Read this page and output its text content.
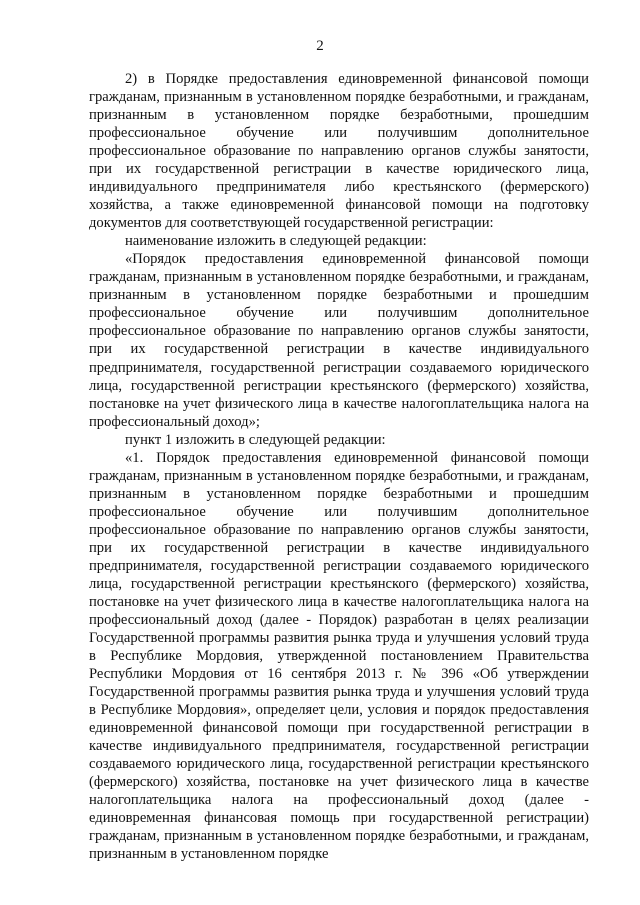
2

2) в Порядке предоставления единовременной финансовой помощи гражданам, признанным в установленном порядке безработными, и гражданам, признанным в установленном порядке безработными, прошедшим профессиональное обучение или получившим дополнительное профессиональное образование по направлению органов службы занятости, при их государственной регистрации в качестве юридического лица, индивидуального предпринимателя либо крестьянского (фермерского) хозяйства, а также единовременной финансовой помощи на подготовку документов для соответствующей государственной регистрации:

наименование изложить в следующей редакции:

«Порядок предоставления единовременной финансовой помощи гражданам, признанным в установленном порядке безработными, и гражданам, признанным в установленном порядке безработными и прошедшим профессиональное обучение или получившим дополнительное профессиональное образование по направлению органов службы занятости, при их государственной регистрации в качестве индивидуального предпринимателя, государственной регистрации создаваемого юридического лица, государственной регистрации крестьянского (фермерского) хозяйства, постановке на учет физического лица в качестве налогоплательщика налога на профессиональный доход»;

пункт 1 изложить в следующей редакции:

«1. Порядок предоставления единовременной финансовой помощи гражданам, признанным в установленном порядке безработными, и гражданам, признанным в установленном порядке безработными и прошедшим профессиональное обучение или получившим дополнительное профессиональное образование по направлению органов службы занятости, при их государственной регистрации в качестве индивидуального предпринимателя, государственной регистрации создаваемого юридического лица, государственной регистрации крестьянского (фермерского) хозяйства, постановке на учет физического лица в качестве налогоплательщика налога на профессиональный доход (далее - Порядок) разработан в целях реализации Государственной программы развития рынка труда и улучшения условий труда в Республике Мордовия, утвержденной постановлением Правительства Республики Мордовия от 16 сентября 2013 г. № 396 «Об утверждении Государственной программы развития рынка труда и улучшения условий труда в Республике Мордовия», определяет цели, условия и порядок предоставления единовременной финансовой помощи при государственной регистрации в качестве индивидуального предпринимателя, государственной регистрации создаваемого юридического лица, государственной регистрации крестьянского (фермерского) хозяйства, постановке на учет физического лица в качестве налогоплательщика налога на профессиональный доход (далее - единовременная финансовая помощь при государственной регистрации) гражданам, признанным в установленном порядке безработными, и гражданам, признанным в установленном порядке
